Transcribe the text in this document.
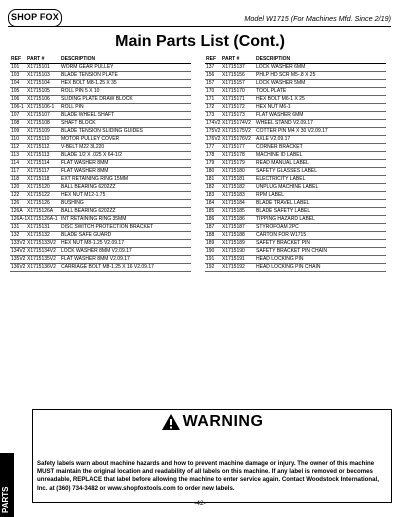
SHOP FOX	Model W1715 (For Machines Mfd. Since 2/19)
Main Parts List (Cont.)
REF	PART #	DESCRIPTION
101	X1715101	WORM GEAR PULLEY
103	X1715103	BLADE TENSION PLATE
104	X1715104	HEX BOLT M8-1.25 X 35
105	X1715105	ROLL PIN 5 X 10
106	X1715106	SLIDING PLATE DRAW BLOCK
106-1 X1715106-1	ROLL PIN
107	X1715107	BLADE WHEEL SHAFT
108	X1715108	SHAFT BLOCK
109	X1715109	BLADE TENSION SLIDING GUIDES
110	X1715110	MOTOR PULLEY COVER
112	X1715112	V-BELT M22 3L220
113	X1715113	BLADE 1/2 X .025 X 64-1/2
114	X1715114	FLAT WASHER 8MM
117	X1715117	FLAT WASHER 8MM
118	X1715118	EXT RETAINING RING 15MM
120	X1715120	BALL BEARING 6202ZZ
122	X1715122	HEX NUT M12-1.75
126	X1715126	BUSHING
126A X1715126A	BALL BEARING 6202ZZ
126A-1 X1715126A-1 INT RETAINING RING 35MM
131	X1715131	DISC SWITCH PROTECTION BRACKET
132	X1715132	BLADE SAFE GUARD
133V2 X1715133V2	HEX NUT M8-1.25 V2.09.17
134V2 X1715134V2	LOCK WASHER 8MM V2.09.17
135V2 X1715135V2	FLAT WASHER 8MM V2.09.17
136V2 X1715136V2	CARRIAGE BOLT M8-1.25 X 16 V2.09.17
REF	PART #	DESCRIPTION
137	X1715137	LOCK WASHER 6MM
156	X1715156	PHLP HD SCR M5-.8 X 25
157	X1715157	LOCK WASHER 5MM
170	X1715170	TOOL PLATE
171	X1715171	HEX BOLT M6-1 X 25
172	X1715172	HEX NUT M6-1
173	X1715173	FLAT WASHER 6MM
174V2 X1715174V2	WHEEL STAND V2.09.17
175V2 X1715175V2	COTTER PIN M4 X 30 V2.09.17
176V2 X1715176V2	AXLE V2.09.17
177	X1715177	CORNER BRACKET
178	X1715178	MACHINE ID LABEL
179	X1715179	READ MANUAL LABEL
180	X1715180	SAFETY GLASSES LABEL
181	X1715181	ELECTRICITY LABEL
182	X1715182	UNPLUG MACHINE LABEL
183	X1715183	RPM LABEL
184	X1715184	BLADE TRAVEL LABEL
185	X1715185	BLADE SAFETY LABEL
186	X1715186	TIPPING HAZARD LABEL
187	X1715187	STYROFOAM 2PC
188	X1715188	CARTON FOR W1715
189	X1715189	SAFETY BRACKET PIN
190	X1715190	SAFETY BRACKET PIN CHAIN
191	X1715191	HEAD LOCKING PIN
192	X1715192	HEAD LOCKING PIN CHAIN
WARNING
Safety labels warn about machine hazards and how to prevent machine damage or injury. The owner of this machine MUST maintain the original location and readability of all labels on this machine. If any label is removed or becomes unreadable, REPLACE that label before allowing the machine to enter service again. Contact Woodstock International, Inc. at (360) 734-3482 or www.shopfoxtools.com to order new labels.
PARTS	-42-
